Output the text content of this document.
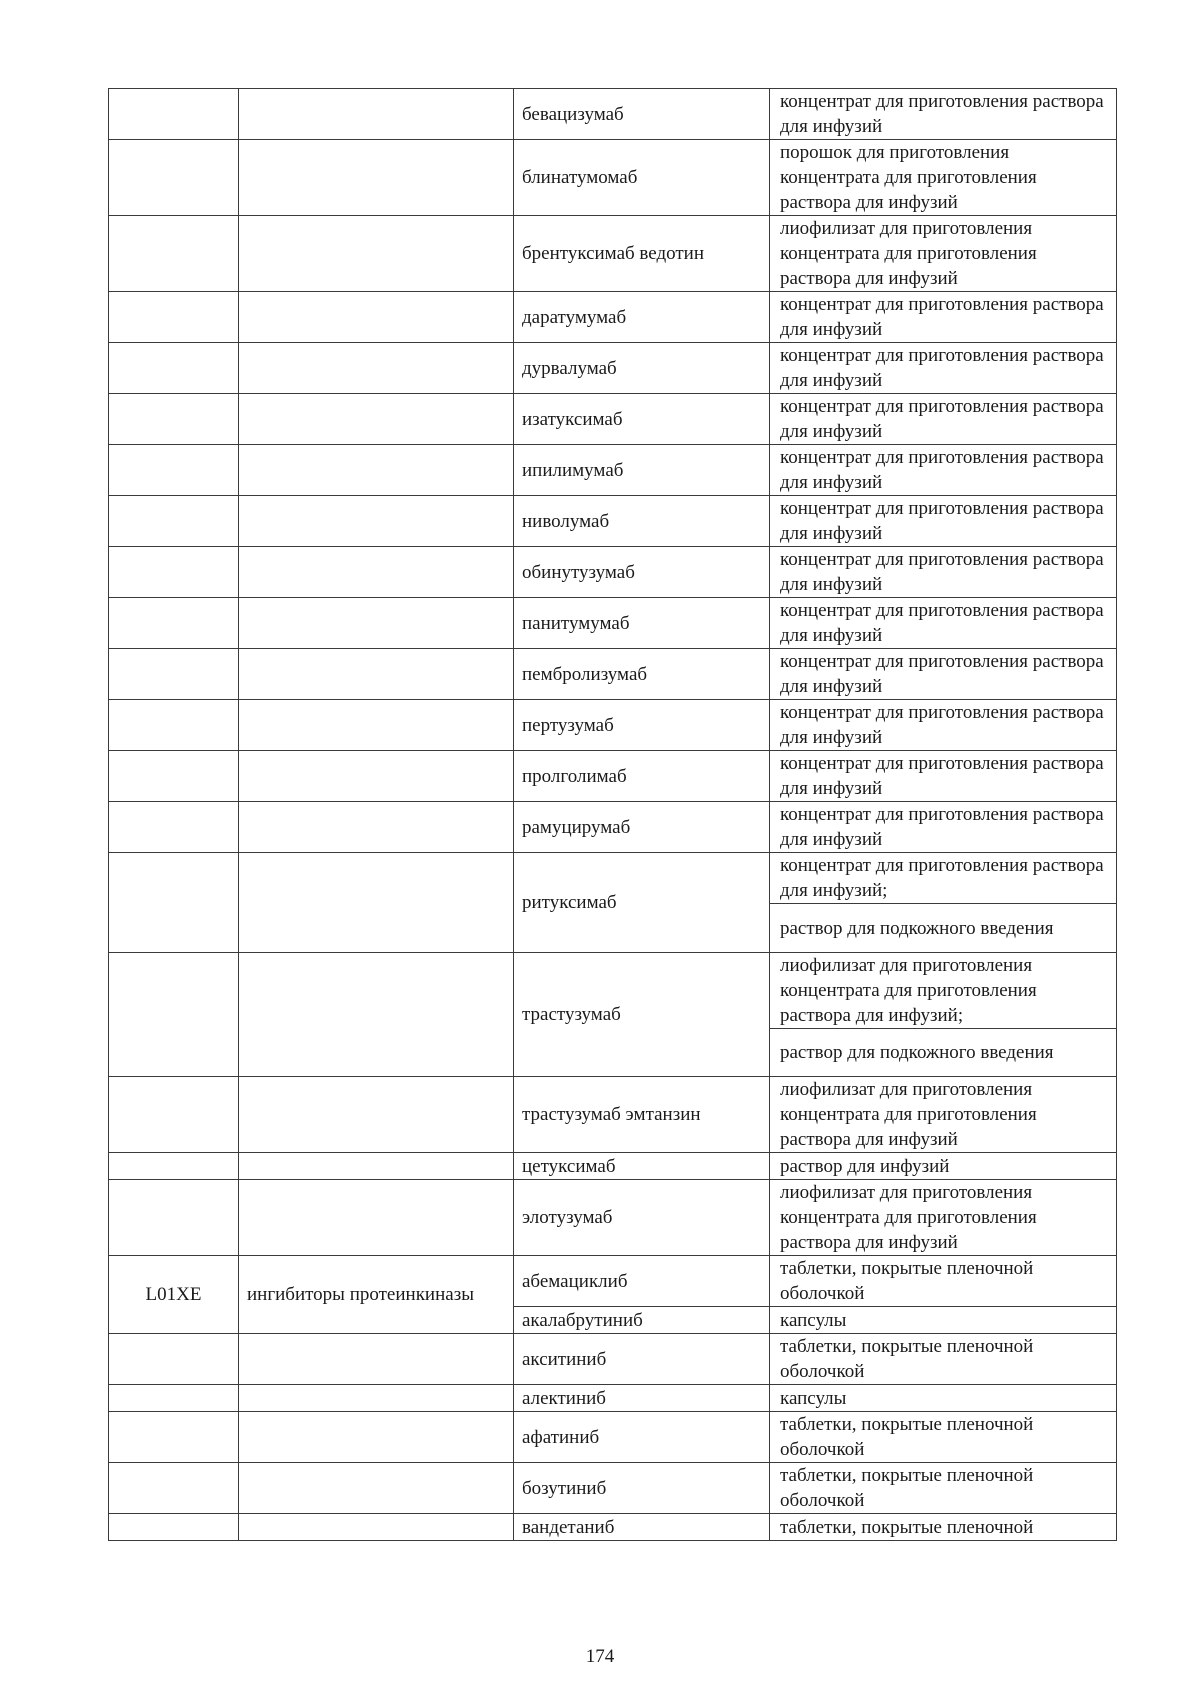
		бевацизумаб	концентрат для приготовления раствора для инфузий
		блинатумомаб	порошок для приготовления концентрата для приготовления раствора для инфузий
		брентуксимаб ведотин	лиофилизат для приготовления концентрата для приготовления раствора для инфузий
		даратумумаб	концентрат для приготовления раствора для инфузий
		дурвалумаб	концентрат для приготовления раствора для инфузий
		изатуксимаб	концентрат для приготовления раствора для инфузий
		ипилимумаб	концентрат для приготовления раствора для инфузий
		ниволумаб	концентрат для приготовления раствора для инфузий
		обинутузумаб	концентрат для приготовления раствора для инфузий
		панитумумаб	концентрат для приготовления раствора для инфузий
		пембролизумаб	концентрат для приготовления раствора для инфузий
		пертузумаб	концентрат для приготовления раствора для инфузий
		пролголимаб	концентрат для приготовления раствора для инфузий
		рамуцирумаб	концентрат для приготовления раствора для инфузий
		ритуксимаб	концентрат для приготовления раствора для инфузий;
			раствор для подкожного введения
		трастузумаб	лиофилизат для приготовления концентрата для приготовления раствора для инфузий;
			раствор для подкожного введения
		трастузумаб эмтанзин	лиофилизат для приготовления концентрата для приготовления раствора для инфузий
		цетуксимаб	раствор для инфузий
		элотузумаб	лиофилизат для приготовления концентрата для приготовления раствора для инфузий
L01XE	ингибиторы протеинкиназы	абемациклиб	таблетки, покрытые пленочной оболочкой
		акалабрутиниб	капсулы
		акситиниб	таблетки, покрытые пленочной оболочкой
		алектиниб	капсулы
		афатиниб	таблетки, покрытые пленочной оболочкой
		бозутиниб	таблетки, покрытые пленочной оболочкой
		вандетаниб	таблетки, покрытые пленочной
174
